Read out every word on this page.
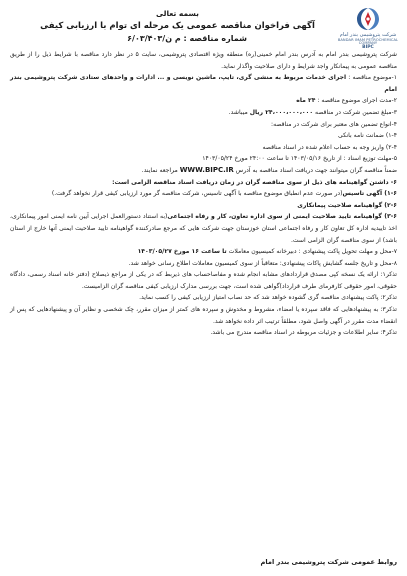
شرکت پتروشیمی بندر امام
BANDAR IMAM PETROCHEMICAL COMPANY
BIPC
بسمه تعالی
آگهی فراخوان مناقصه عمومی یک مرحله ای توام با ارزیابی کیفی
شماره مناقصه : م ن/۶/۰۳/۴۰۳

شرکت پتروشیمی بندر امام به آدرس بندر امام خمینی(ره) منطقه ویژه اقتصادی پتروشیمی، سایت ۵ در نظر دارد مناقصه با شرایط ذیل را از طریق مناقصه عمومی به پیمانکار واجد شرایط و دارای صلاحیت واگذار نماید.

۱-موضوع مناقصه : اجرای خدمات مربوط به منشی گری، تایپ، ماشین نویسی و ... ادارات و واحدهای ستادی شرکت پتروشیمی بندر امام

۲-مدت اجرای موضوع مناقصه : ۲۴ ماه

۳-مبلغ تضمین شرکت در مناقصه ۲۴،۰۰۰،۰۰۰،۰۰۰ ریال میباشد.

۴-انواع تضمین های معتبر برای شرکت در مناقصه:

۱-۴) ضمانت نامه بانکی

۲-۴) واریز وجه به حساب اعلام شده در اسناد مناقصه

۵-مهلت توزیع اسناد : از تاریخ ۱۴۰۳/۰۵/۱۶ تا ساعت ۲۴:۰۰ مورخ ۱۴۰۳/۰۵/۲۴

ضمناً مناقصه گران میتوانند جهت دریافت اسناد مناقصه به آدرس WWW.BIPC.IR مراجعه نمایند.

۶- داشتن گواهینامه های ذیل از سوی مناقصه گران در زمان دریافت اسناد مناقصه الزامی است:

۱-۶) آگهی تاسیس(در صورت عدم انطباق موضوع مناقصه با آگهی تاسیس، شرکت مناقصه گر مورد ارزیابی کیفی قرار نخواهد گرفت.)

۲-۶) گواهینامه صلاحیت پیمانکاری

۳-۶) گواهینامه تایید صلاحیت ایمنی از سوی اداره تعاون، کار و رفاه اجتماعی(به استناد دستورالعمل اجرایی آیین نامه ایمنی امور پیمانکاری، اخذ تاییدیه اداره کل تعاون کار و رفاه اجتماعی استان خوزستان جهت شرکت هایی که مرجع صادرکننده گواهینامه تایید صلاحیت ایمنی آنها خارج از استان باشد) از سوی مناقصه گران الزامی است.

۷-محل و مهلت تحویل پاکت پیشنهادی : دبیرخانه کمیسیون معاملات تا ساعت ۱۶ مورخ ۱۴۰۳/۰۵/۲۷

۸-محل و تاریخ جلسه گشایش پاکات پیشنهادی: متعاقباً از سوی کمیسیون معاملات اطلاع رسانی خواهد شد.

تذکر۱: ارائه یک نسخه کپی مصدق قراردادهای مشابه انجام شده و مفاصاحساب های ذیربط که در یکی از مراجع ذیصلاح (دفتر خانه اسناد رسمی، دادگاه حقوقی، امور حقوقی کارفرمای طرف قرارداد)گواهی شده است، جهت بررسی مدارک ارزیابی کیفی مناقصه گران الزامیست.

تذکر۲: پاکت پیشنهادی مناقصه گری گشوده خواهد شد که حد نصاب امتیاز ارزیابی کیفی را کسب نماید.

تذکر۳: به پیشنهادهایی که فاقد سپرده یا امضاء، مشروط و مخدوش و سپرده های کمتر از میزان مقرر، چک شخصی و نظایر آن و پیشنهادهایی که پس از انقضاء مدت مقرر در آگهی واصل شود، مطلقاً ترتیب اثر داده نخواهد شد.

تذکر۴: سایر اطلاعات و جزئیات مربوطه در اسناد مناقصه مندرج می باشد.

روابط عمومی شرکت پتروشیمی بندر امام
